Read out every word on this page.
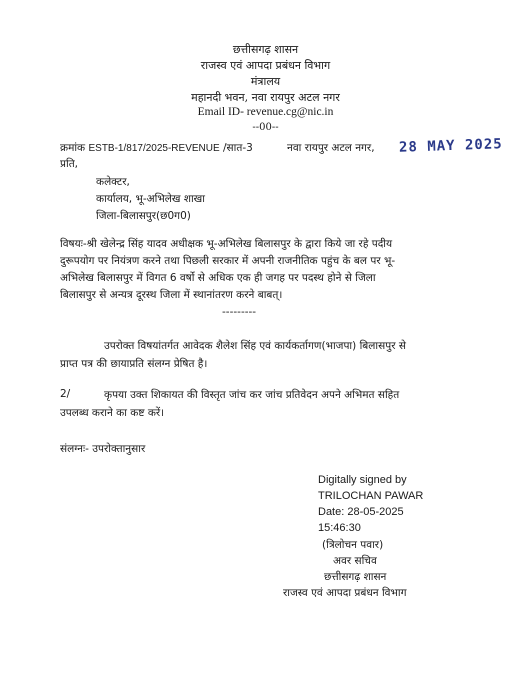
छत्तीसगढ़ शासन
राजस्व एवं आपदा प्रबंधन विभाग
मंत्रालय
महानदी भवन, नवा रायपुर अटल नगर
Email ID- revenue.cg@nic.in
--00--
क्रमांक ESTB-1/817/2025-REVENUE /सात-3	नवा रायपुर अटल नगर, 28 MAY 2025
प्रति,
कलेक्टर,
कार्यालय, भू-अभिलेख शाखा
जिला-बिलासपुर(छ0ग0)
विषयः-श्री खेलेन्द्र सिंह यादव अधीक्षक भू-अभिलेख बिलासपुर के द्वारा किये जा रहे पदीय
दुरूपयोग पर नियंत्रण करने तथा पिछली सरकार में अपनी राजनीतिक पहुंच के बल पर भू-
अभिलेख बिलासपुर में विगत 6 वर्षो से अधिक एक ही जगह पर पदस्थ होने से जिला
बिलासपुर से अन्यत्र दूरस्थ जिला में स्थानांतरण करने बाबत्।
---------
उपरोक्त विषयांतर्गत आवेदक शैलेश सिंह एवं कार्यकर्तागण(भाजपा) बिलासपुर से
प्राप्त पत्र की छायाप्रति संलग्न प्रेषित है।
2/	कृपया उक्त शिकायत की विस्तृत जांच कर जांच प्रतिवेदन अपने अभिमत सहित
उपलब्ध कराने का कष्ट करें।
संलग्नः- उपरोक्तानुसार
Digitally signed by
TRILOCHAN PAWAR
Date: 28-05-2025
15:46:30
(त्रिलोचन पवार)
अवर सचिव
छत्तीसगढ़ शासन
राजस्व एवं आपदा प्रबंधन विभाग
